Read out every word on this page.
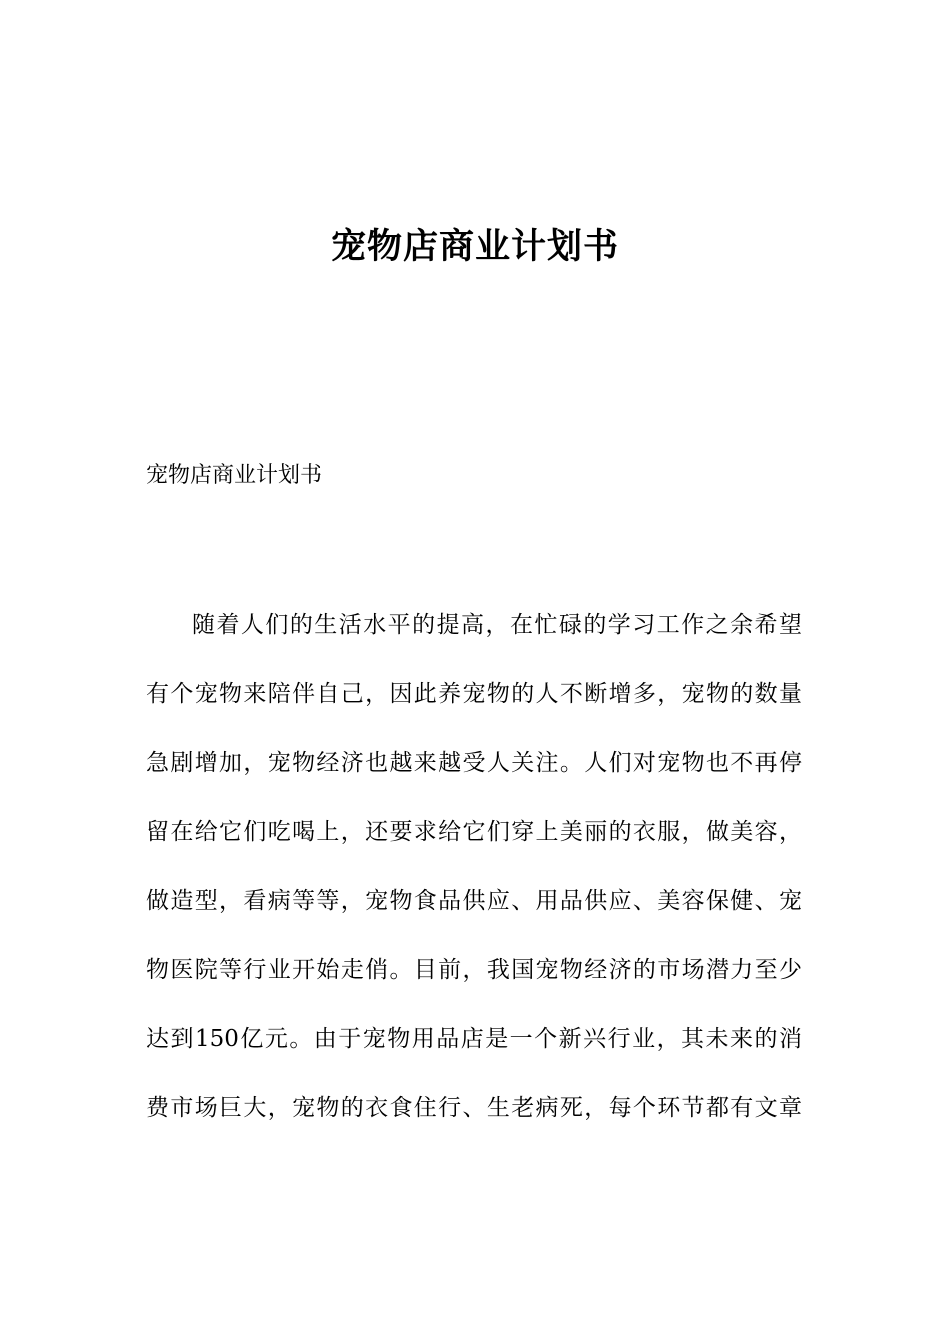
宠物店商业计划书

宠物店商业计划书

随着人们的生活水平的提高，在忙碌的学习工作之余希望
有个宠物来陪伴自己，因此养宠物的人不断增多，宠物的数量
急剧增加，宠物经济也越来越受人关注。人们对宠物也不再停
留在给它们吃喝上，还要求给它们穿上美丽的衣服，做美容，
做造型，看病等等，宠物食品供应、用品供应、美容保健、宠
物医院等行业开始走俏。目前，我国宠物经济的市场潜力至少
达到150亿元。由于宠物用品店是一个新兴行业，其未来的消
费市场巨大，宠物的衣食住行、生老病死，每个环节都有文章
